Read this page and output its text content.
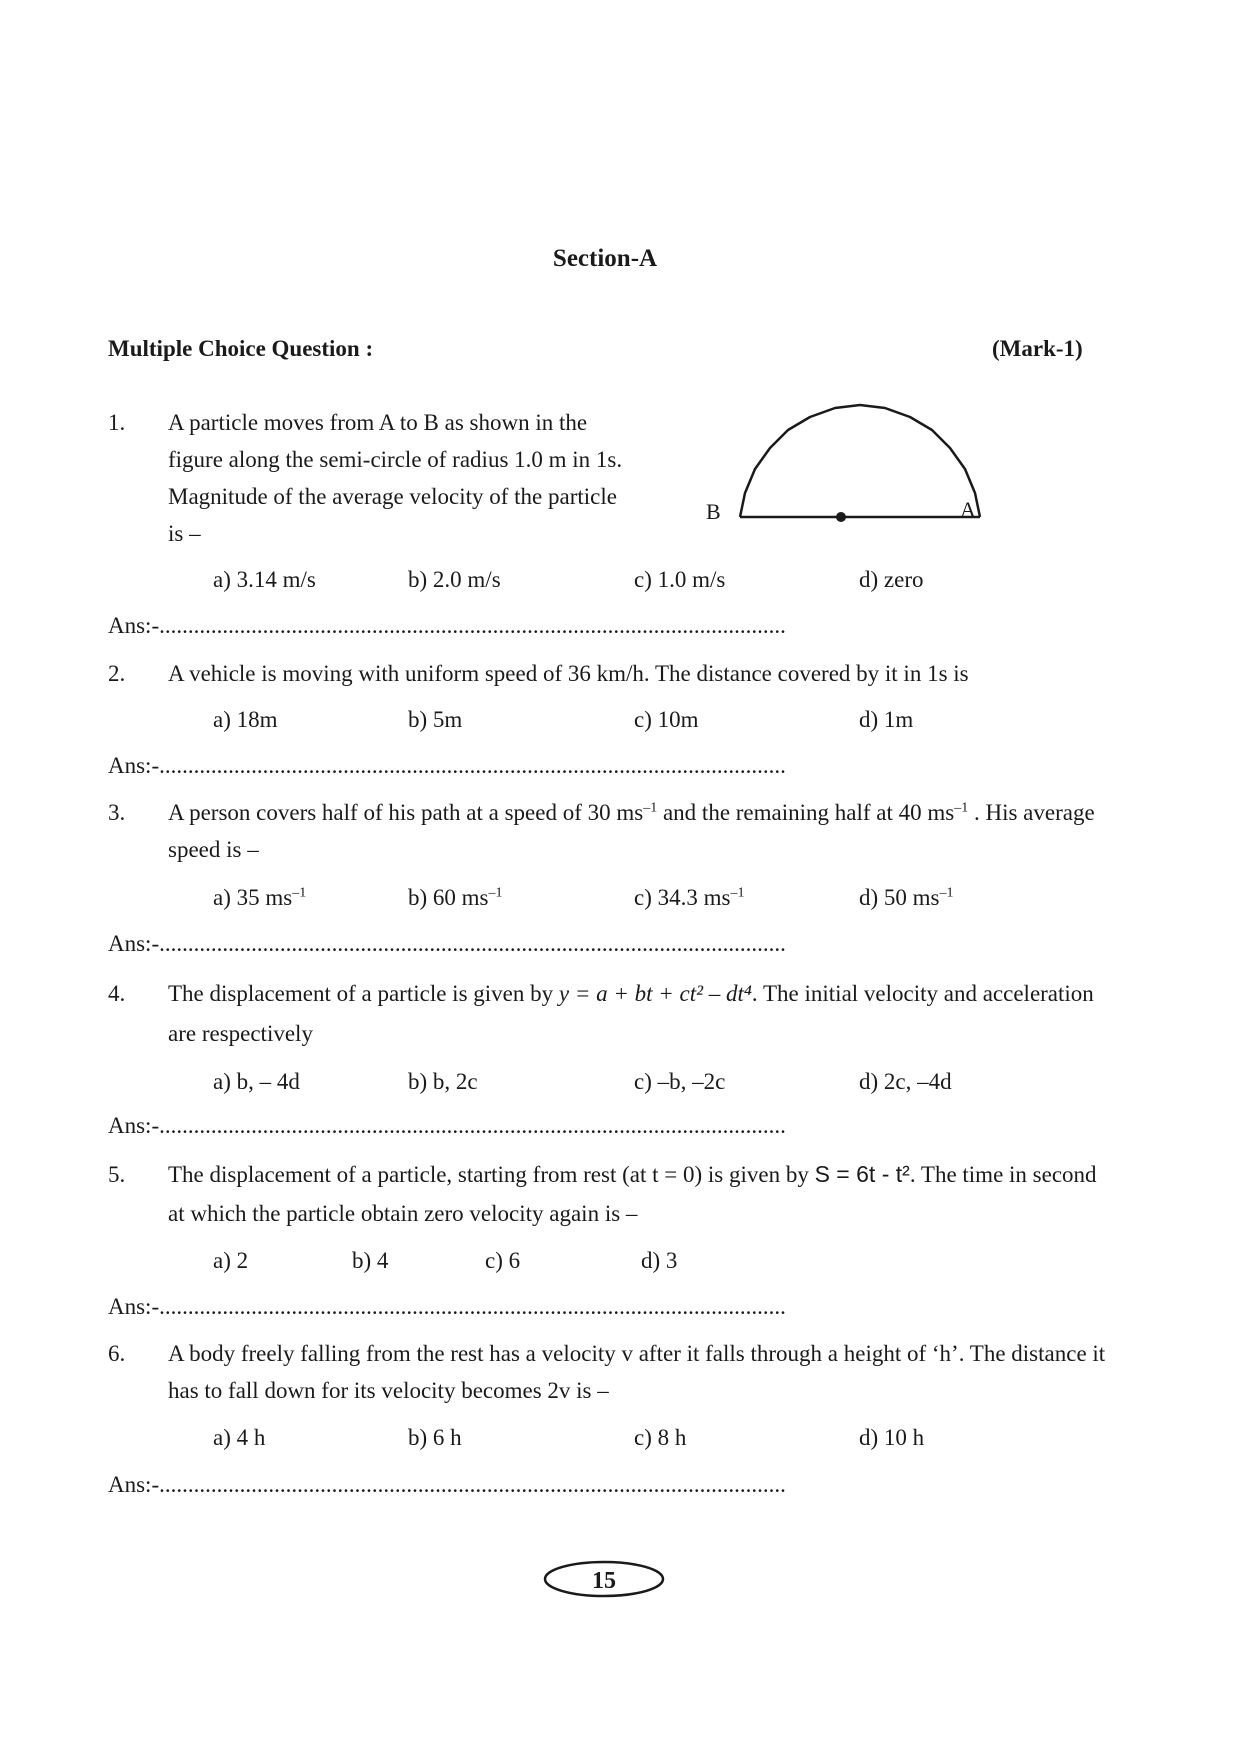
Section-A
Multiple Choice Question :	(Mark-1)
1. A particle moves from A to B as shown in the
figure along the semi-circle of radius 1.0 m in 1s.
Magnitude of the average velocity of the particle
is –
B	A
a) 3.14 m/s	b) 2.0 m/s	c) 1.0 m/s	d) zero
Ans:-.............................................................................................................
2. A vehicle is moving with uniform speed of 36 km/h. The distance covered by it in 1s is
a) 18m	b) 5m	c) 10m	d) 1m
Ans:-.............................................................................................................
3. A person covers half of his path at a speed of 30 $ms^{-1}$ and the remaining half at 40 $ms^{-1}$ . His average
speed is –
a) 35 $ms^{-1}$	b) 60 $ms^{-1}$	c) 34.3 $ms^{-1}$	d) 50 $ms^{-1}$
Ans:-.............................................................................................................
4. The displacement of a particle is given by y = a + bt + ct² – dt⁴. The initial velocity and acceleration
are respectively
a) b, – 4d	b) b, 2c	c) –b, –2c	d) 2c, –4d
Ans:-.............................................................................................................
5. The displacement of a particle, starting from rest (at t = 0) is given by S = 6t - t². The time in second
at which the particle obtain zero velocity again is –
a) 2	b) 4	c) 6	d) 3
Ans:-.............................................................................................................
6. A body freely falling from the rest has a velocity v after it falls through a height of ‘h’. The distance it
has to fall down for its velocity becomes 2v is –
a) 4 h	b) 6 h	c) 8 h	d) 10 h
Ans:-.............................................................................................................
15
